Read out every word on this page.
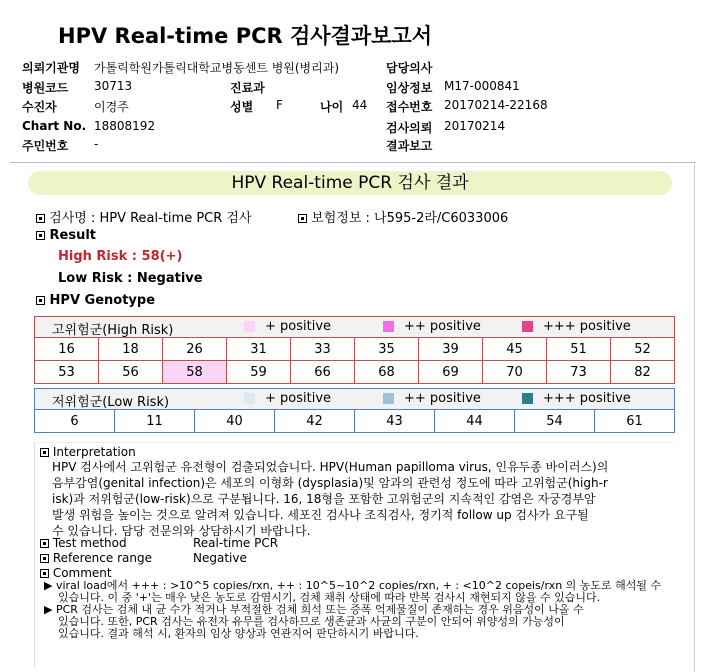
HPV Real-time PCR 검사결과보고서
의뢰기관명 가톨릭학원가톨릭대학교병동센트 병원(병리과)
병원코드 30713
수진자	이경주
Chart No. 18808192
주민번호 -
진료과
성별 F	나이 44
담당의사
임상정보 M17-000841
접수번호 20170214-22168
검사의뢰 20170214
결과보고
HPV Real-time PCR 검사 결과
검사명 : HPV Real-time PCR 검사	보험정보 : 나595-2라/C6033006
Result
High Risk : 58(+)
Low Risk : Negative
HPV Genotype
고위험군(High Risk)	+ positive	++ positive	+++ positive
16	18	26	31	33	35	39	45	51	52
53	56	58	59	66	68	69	70	73	82
저위험군(Low Risk)	+ positive	++ positive	+++ positive
6	11	40	42	43	44	54	61
Interpretation
HPV 검사에서 고위험군 유전형이 검출되었습니다. HPV(Human papilloma virus, 인유두종 바이러스)의
음부감염(genital infection)은 세포의 이형화 (dysplasia)및 암과의 관련성 정도에 따라 고위험군(high-r
isk)과 저위험군(low-risk)으로 구분됩니다. 16, 18형을 포함한 고위험군의 지속적인 감염은 자궁경부암
발생 위험을 높이는 것으로 알려져 있습니다. 세포진 검사나 조직검사, 정기적 follow up 검사가 요구될
수 있습니다. 담당 전문의와 상담하시기 바랍니다.
Test method	Real-time PCR
Reference range	Negative
Comment
▶ viral load에서 +++ : >10^5 copies/rxn, ++ : 10^5~10^2 copies/rxn, + : <10^2 copeis/rxn 의 농도로 해석될 수
있습니다. 이 중 '+'는 매우 낮은 농도로 감염시기, 검체 채취 상태에 따라 반복 검사시 재현되지 않을 수 있습니다.
▶ PCR 검사는 검체 내 균 수가 적거나 부적절한 검체 희석 또는 증폭 억제물질이 존재하는 경우 위음성이 나올 수
있습니다. 또한, PCR 검사는 유전자 유무를 검사하므로 생존균과 사균의 구분이 안되어 위양성의 가능성이
있습니다. 결과 해석 시, 환자의 임상 양상과 연관지어 판단하시기 바랍니다.
